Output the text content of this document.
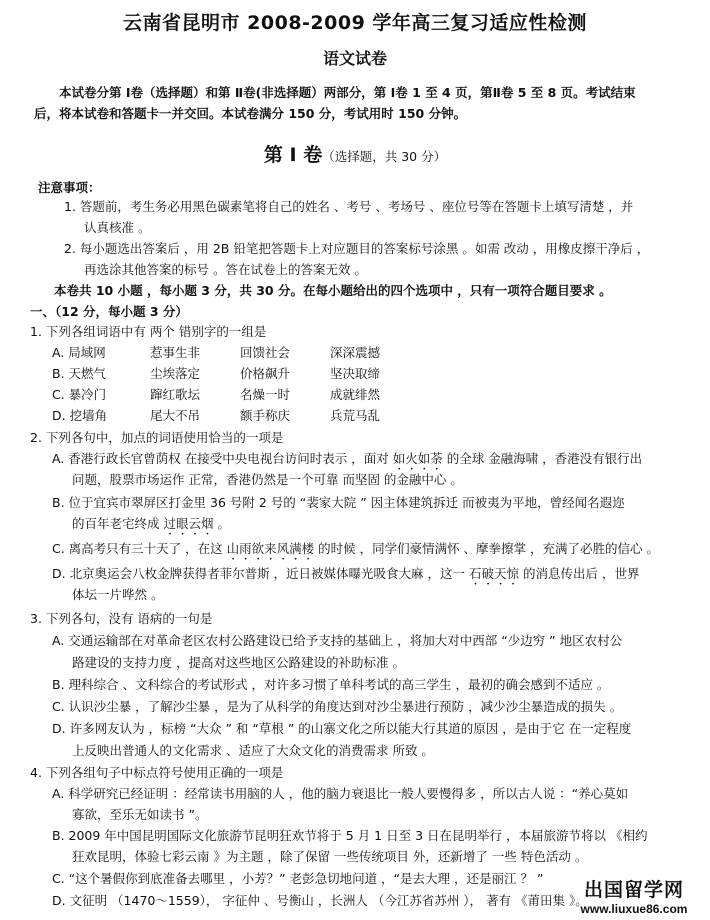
云南省昆明市 2008-2009 学年高三复习适应性检测
语文试卷
本试卷分第 Ⅰ卷（选择题）和第 Ⅱ卷(非选择题）两部分，第 Ⅰ卷 1 至 4 页，第Ⅱ卷 5 至 8 页。考试结束
后，将本试卷和答题卡一并交回。本试卷满分 150 分，考试用时 150 分钟。
第 Ⅰ 卷（选择题，共 30 分）
注意事项：
1. 答题前，考生务必用黑色碳素笔将自己的姓名 、考号 、考场号 、座位号等在答题卡上填写清楚 ，并
认真核准 。
2. 每小题选出答案后 ，用 2B 铅笔把答题卡上对应题目的答案标号涂黑 。如需 改动 ，用橡皮擦干净后 ，
再选涂其他答案的标号 。答在试卷上的答案无效 。
本卷共 10 小题 ，每小题 3 分，共 30 分。在每小题给出的四个选项中 ，只有一项符合题目要求 。
一、（12 分，每小题 3 分）
1. 下列各组词语中有 两个 错别字的一组是
A. 局域网	惹事生非	回馈社会	深深震撼
B. 天燃气	尘埃落定	价格飙升	坚决取缔
C. 暴冷门	蹿红歌坛	名燥一时	成就绯然
D. 挖墙角	尾大不吊	额手称庆	兵荒马乱
2. 下列各句中，加点的词语使用恰当的一项是
A. 香港行政长官曾荫权 在接受中央电视台访问时表示 ，面对 如火如荼 的全球 金融海啸 ，香港没有银行出
问题，股票市场运作 正常，香港仍然是一个可靠 而坚固 的金融中心 。
B. 位于宜宾市翠屏区打金里 36 号附 2 号的 “裴家大院 ” 因主体建筑拆迁 而被夷为平地，曾经闻名遐迩
的百年老宅终成 过眼云烟 。
C. 离高考只有三十天了 ，在这 山雨欲来风满楼 的时候 ，同学们豪情满怀 、摩拳擦掌 ，充满了必胜的信心 。
D. 北京奥运会八枚金牌获得者菲尔普斯 ，近日被媒体曝光吸食大麻 ，这一 石破天惊 的消息传出后 ，世界
体坛一片哗然 。
3. 下列各句，没有 语病的一句是
A. 交通运输部在对革命老区农村公路建设已给予支持的基础上 ，将加大对中西部 “少边穷 ” 地区农村公
路建设的支持力度 ，提高对这些地区公路建设的补助标准 。
B. 理科综合 、文科综合的考试形式 ，对许多习惯了单科考试的高三学生 ，最初的确会感到不适应 。
C. 认识沙尘暴 ，了解沙尘暴 ，是为了从科学的角度达到对沙尘暴进行预防 ，减少沙尘暴造成的损失 。
D. 许多网友认为 ，标榜 “大众 ” 和 “草根 ” 的山寨文化之所以能大行其道的原因 ，是由于它 在一定程度
上反映出普通人的文化需求 、适应了大众文化的消费需求 所致 。
4. 下列各组句子中标点符号使用正确的一项是
A. 科学研究已经证明 ：经常读书用脑的人 ，他的脑力衰退比一般人要慢得多 ，所以古人说 ：“养心莫如
寡欲，至乐无如读书 ”。
B. 2009 年中国昆明国际文化旅游节昆明狂欢节将于 5 月 1 日至 3 日在昆明举行 ，本届旅游节将以 《相约
狂欢昆明，体验七彩云南 》为主题 ，除了保留 一些传统项目 外，还新增了 一些 特色活动 。
C. “这个暑假你到底准备去哪里 ，小芳？” 老彭急切地问道 ，“是去大理 ，还是丽江 ？ ”
D. 文征明 （1470～1559）， 字征仲 、号衡山 ，长洲人 （今江苏省苏州 ）， 著有 《莆田集 》。
出国留学网
www.liuxue86.com
